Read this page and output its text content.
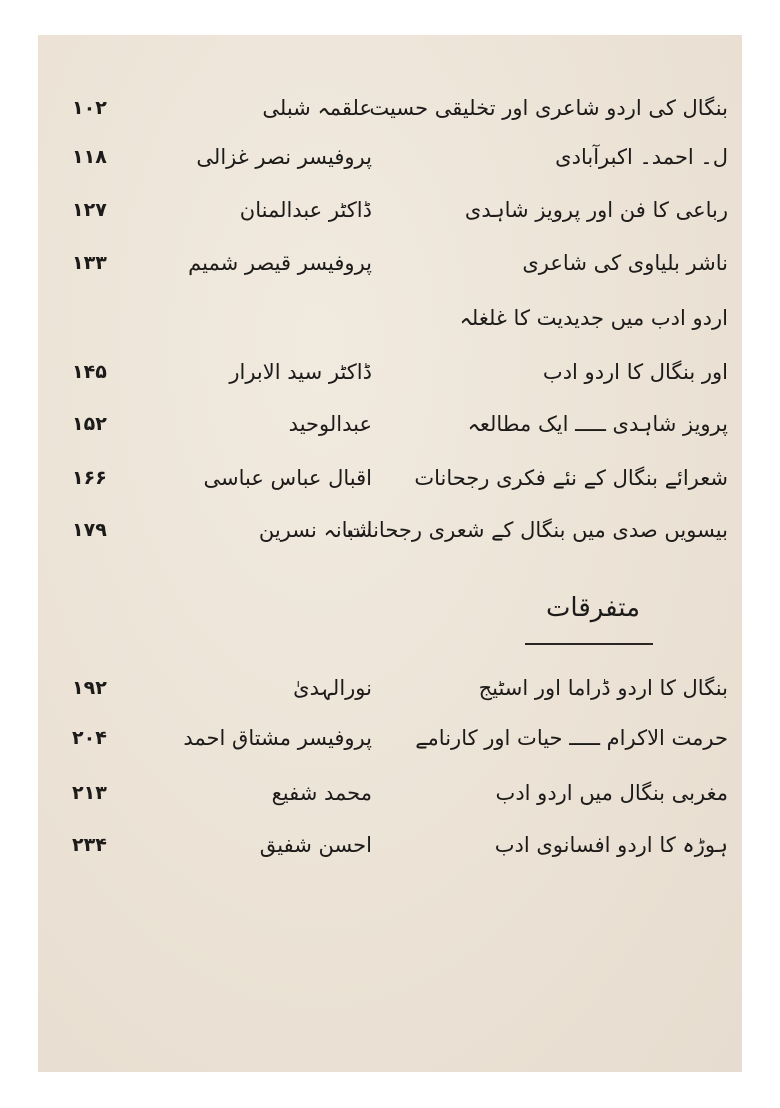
بنگال کی اردو شاعری اور تخلیقی حسیت
علقمہ شبلی
۱۰۲
ل۔ احمد۔ اکبرآبادی
پروفیسر نصر غزالی
۱۱۸
رباعی کا فن اور پرویز شاہدی
ڈاکٹر عبدالمنان
۱۲۷
ناشر بلیاوی کی شاعری
پروفیسر قیصر شمیم
۱۳۳
اردو ادب میں جدیدیت کا غلغلہ
اور بنگال کا اردو ادب
ڈاکٹر سید الابرار
۱۴۵
پرویز شاہدی ـــــ ایک مطالعہ
عبدالوحید
۱۵۲
شعرائے بنگال کے نئے فکری رجحانات
اقبال عباس عباسی
۱۶۶
بیسویں صدی میں بنگال کے شعری رجحانات
شبانہ نسرین
۱۷۹
متفرقات
بنگال کا اردو ڈراما اور اسٹیج
نورالہدیٰ
۱۹۲
حرمت الاکرام ـــــ حیات اور کارنامے
پروفیسر مشتاق احمد
۲۰۴
مغربی بنگال میں اردو ادب
محمد شفیع
۲۱۳
ہوڑہ کا اردو افسانوی ادب
احسن شفیق
۲۳۴
